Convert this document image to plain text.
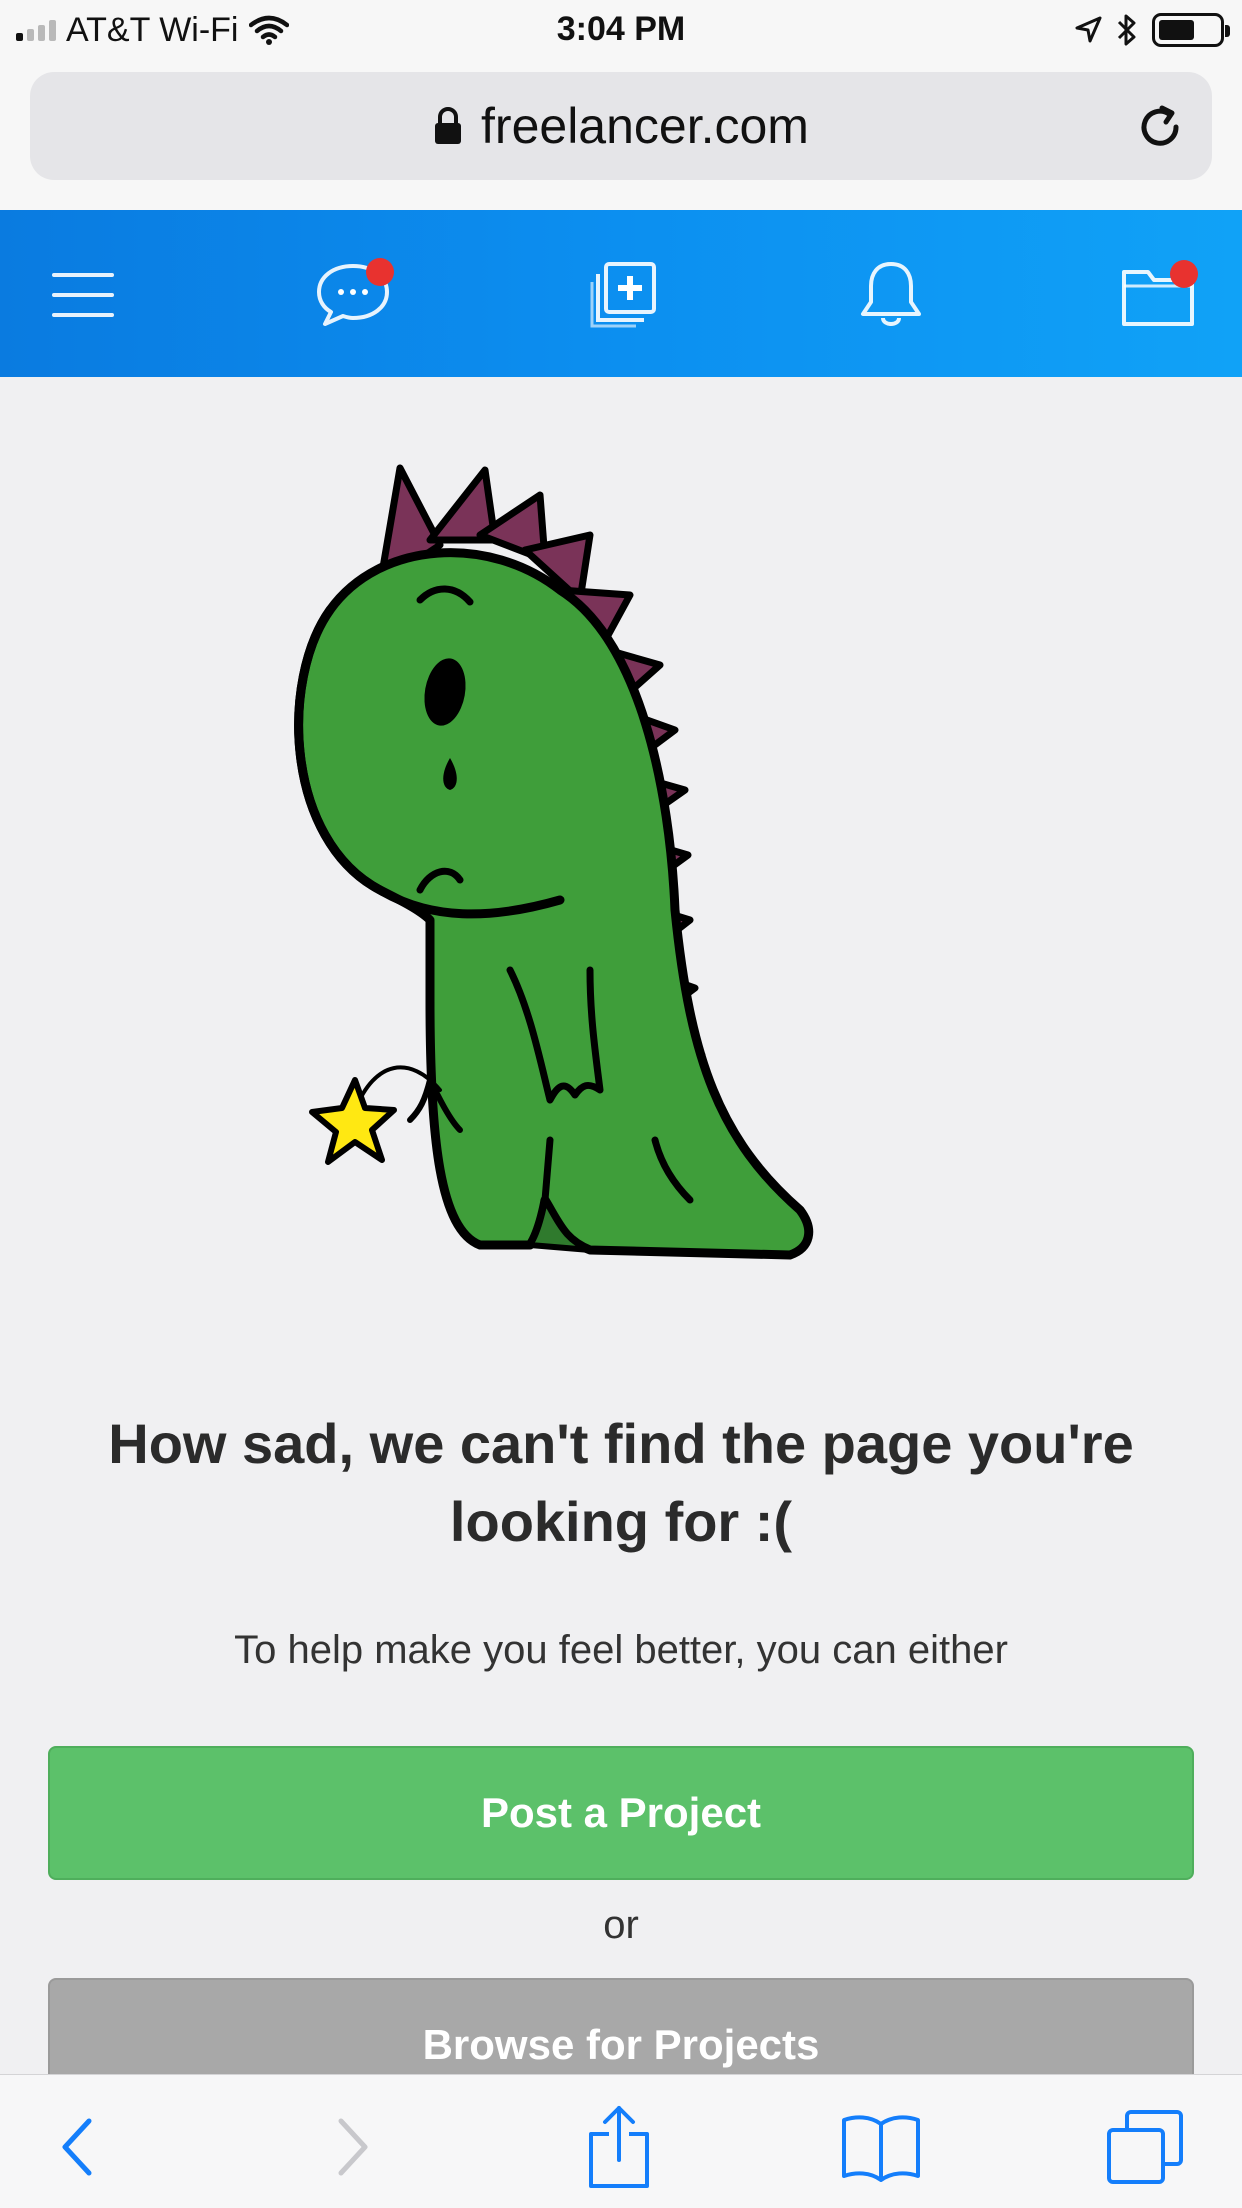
AT&T Wi-Fi	3:04 PM
freelancer.com
How sad, we can't find the page you're looking for :(
To help make you feel better, you can either
Post a Project
or
Browse for Projects
